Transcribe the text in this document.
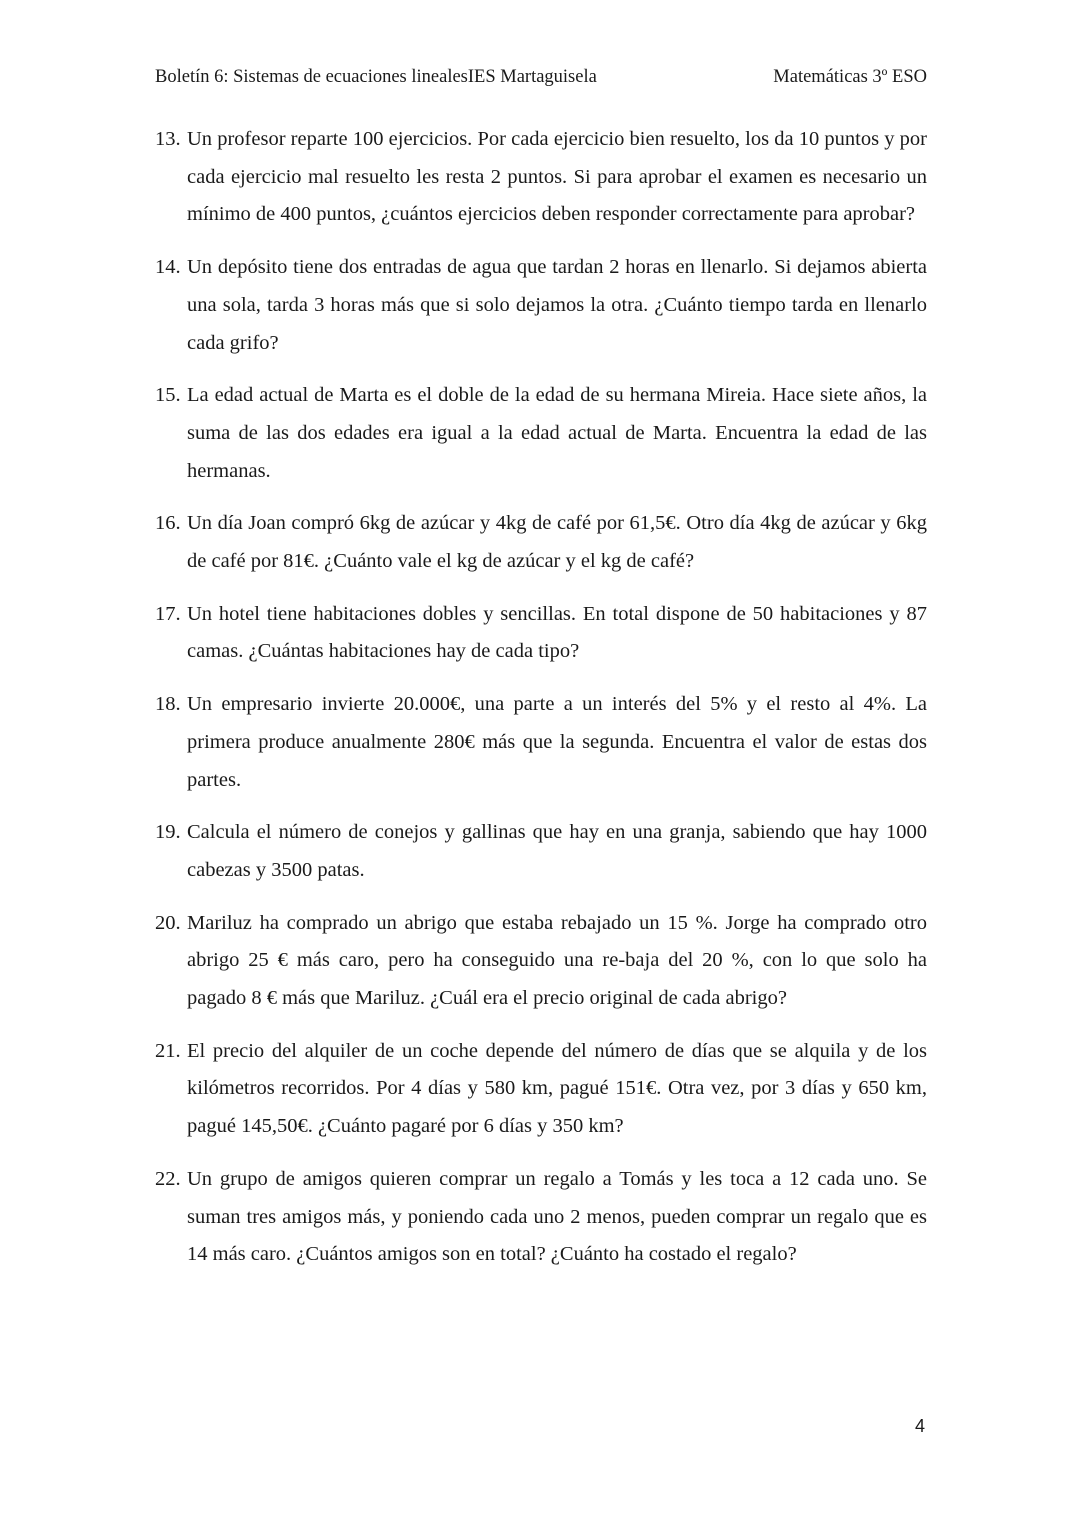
Boletín 6: Sistemas de ecuaciones linealesIES Martaguisela	Matemáticas 3º ESO
13. Un profesor reparte 100 ejercicios. Por cada ejercicio bien resuelto, los da 10 puntos y por cada ejercicio mal resuelto les resta 2 puntos. Si para aprobar el examen es necesario un mínimo de 400 puntos, ¿cuántos ejercicios deben responder correctamente para aprobar?
14. Un depósito tiene dos entradas de agua que tardan 2 horas en llenarlo. Si dejamos abierta una sola, tarda 3 horas más que si solo dejamos la otra. ¿Cuánto tiempo tarda en llenarlo cada grifo?
15. La edad actual de Marta es el doble de la edad de su hermana Mireia. Hace siete años, la suma de las dos edades era igual a la edad actual de Marta. Encuentra la edad de las hermanas.
16. Un día Joan compró 6kg de azúcar y 4kg de café por 61,5€. Otro día 4kg de azúcar y 6kg de café por 81€. ¿Cuánto vale el kg de azúcar y el kg de café?
17. Un hotel tiene habitaciones dobles y sencillas. En total dispone de 50 habitaciones y 87 camas. ¿Cuántas habitaciones hay de cada tipo?
18. Un empresario invierte 20.000€, una parte a un interés del 5% y el resto al 4%. La primera produce anualmente 280€ más que la segunda. Encuentra el valor de estas dos partes.
19. Calcula el número de conejos y gallinas que hay en una granja, sabiendo que hay 1000 cabezas y 3500 patas.
20. Mariluz ha comprado un abrigo que estaba rebajado un 15 %. Jorge ha comprado otro abrigo 25 € más caro, pero ha conseguido una re-baja del 20 %, con lo que solo ha pagado 8 € más que Mariluz. ¿Cuál era el precio original de cada abrigo?
21. El precio del alquiler de un coche depende del número de días que se alquila y de los kilómetros recorridos. Por 4 días y 580 km, pagué 151€. Otra vez, por 3 días y 650 km, pagué 145,50€. ¿Cuánto pagaré por 6 días y 350 km?
22. Un grupo de amigos quieren comprar un regalo a Tomás y les toca a 12 cada uno. Se suman tres amigos más, y poniendo cada uno 2 menos, pueden comprar un regalo que es 14 más caro. ¿Cuántos amigos son en total? ¿Cuánto ha costado el regalo?
4
